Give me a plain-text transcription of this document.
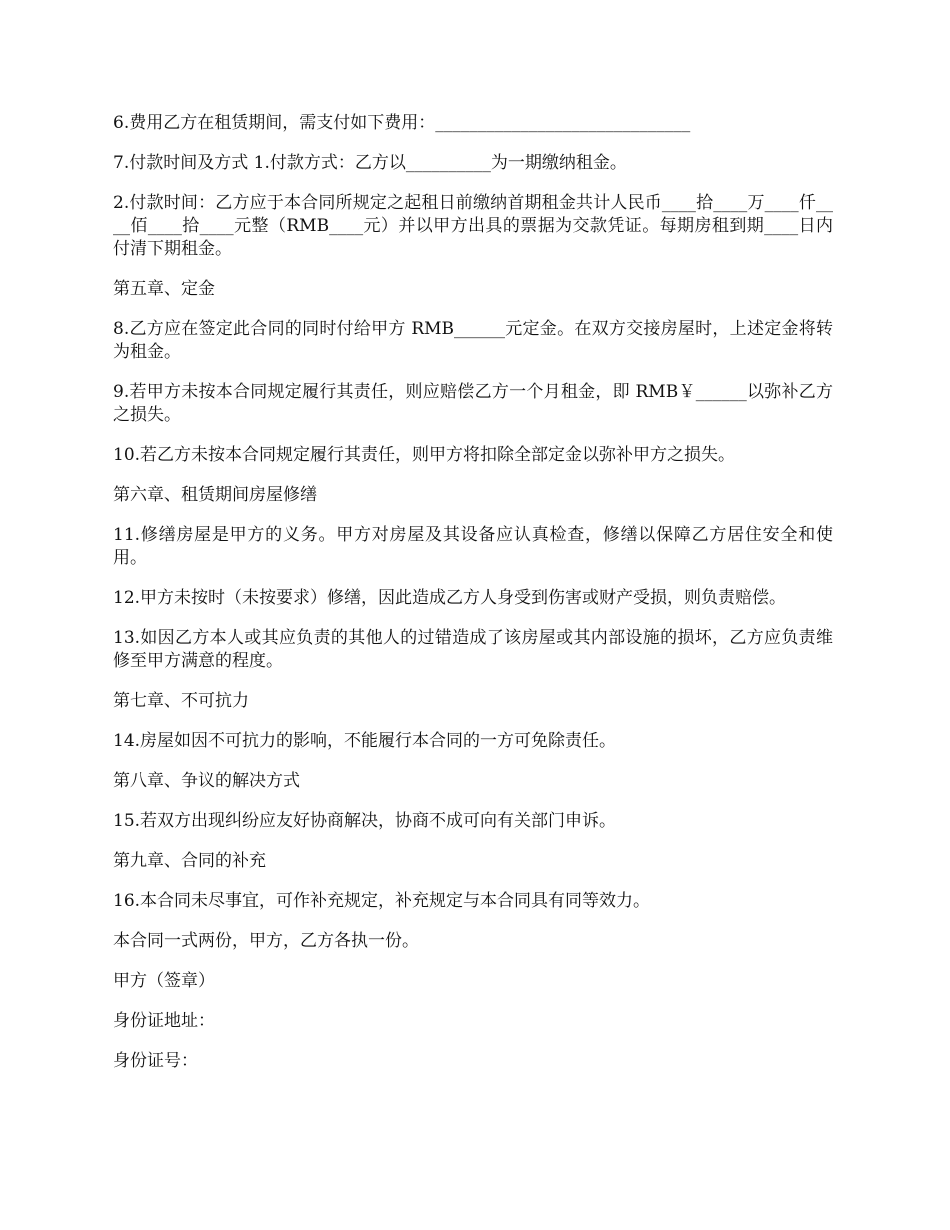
6.费用乙方在租赁期间，需支付如下费用：______________________________

7.付款时间及方式 1.付款方式：乙方以__________为一期缴纳租金。

2.付款时间：乙方应于本合同所规定之起租日前缴纳首期租金共计人民币____拾____万____仟____佰____拾____元整（RMB____元）并以甲方出具的票据为交款凭证。每期房租到期____日内付清下期租金。

第五章、定金

8.乙方应在签定此合同的同时付给甲方 RMB______元定金。在双方交接房屋时，上述定金将转为租金。

9.若甲方未按本合同规定履行其责任，则应赔偿乙方一个月租金，即 RMB￥______以弥补乙方之损失。

10.若乙方未按本合同规定履行其责任，则甲方将扣除全部定金以弥补甲方之损失。

第六章、租赁期间房屋修缮

11.修缮房屋是甲方的义务。甲方对房屋及其设备应认真检查，修缮以保障乙方居住安全和使用。

12.甲方未按时（未按要求）修缮，因此造成乙方人身受到伤害或财产受损，则负责赔偿。

13.如因乙方本人或其应负责的其他人的过错造成了该房屋或其内部设施的损坏，乙方应负责维修至甲方满意的程度。

第七章、不可抗力

14.房屋如因不可抗力的影响，不能履行本合同的一方可免除责任。

第八章、争议的解决方式

15.若双方出现纠纷应友好协商解决，协商不成可向有关部门申诉。

第九章、合同的补充

16.本合同未尽事宜，可作补充规定，补充规定与本合同具有同等效力。

本合同一式两份，甲方，乙方各执一份。

甲方（签章）

身份证地址：

身份证号：
